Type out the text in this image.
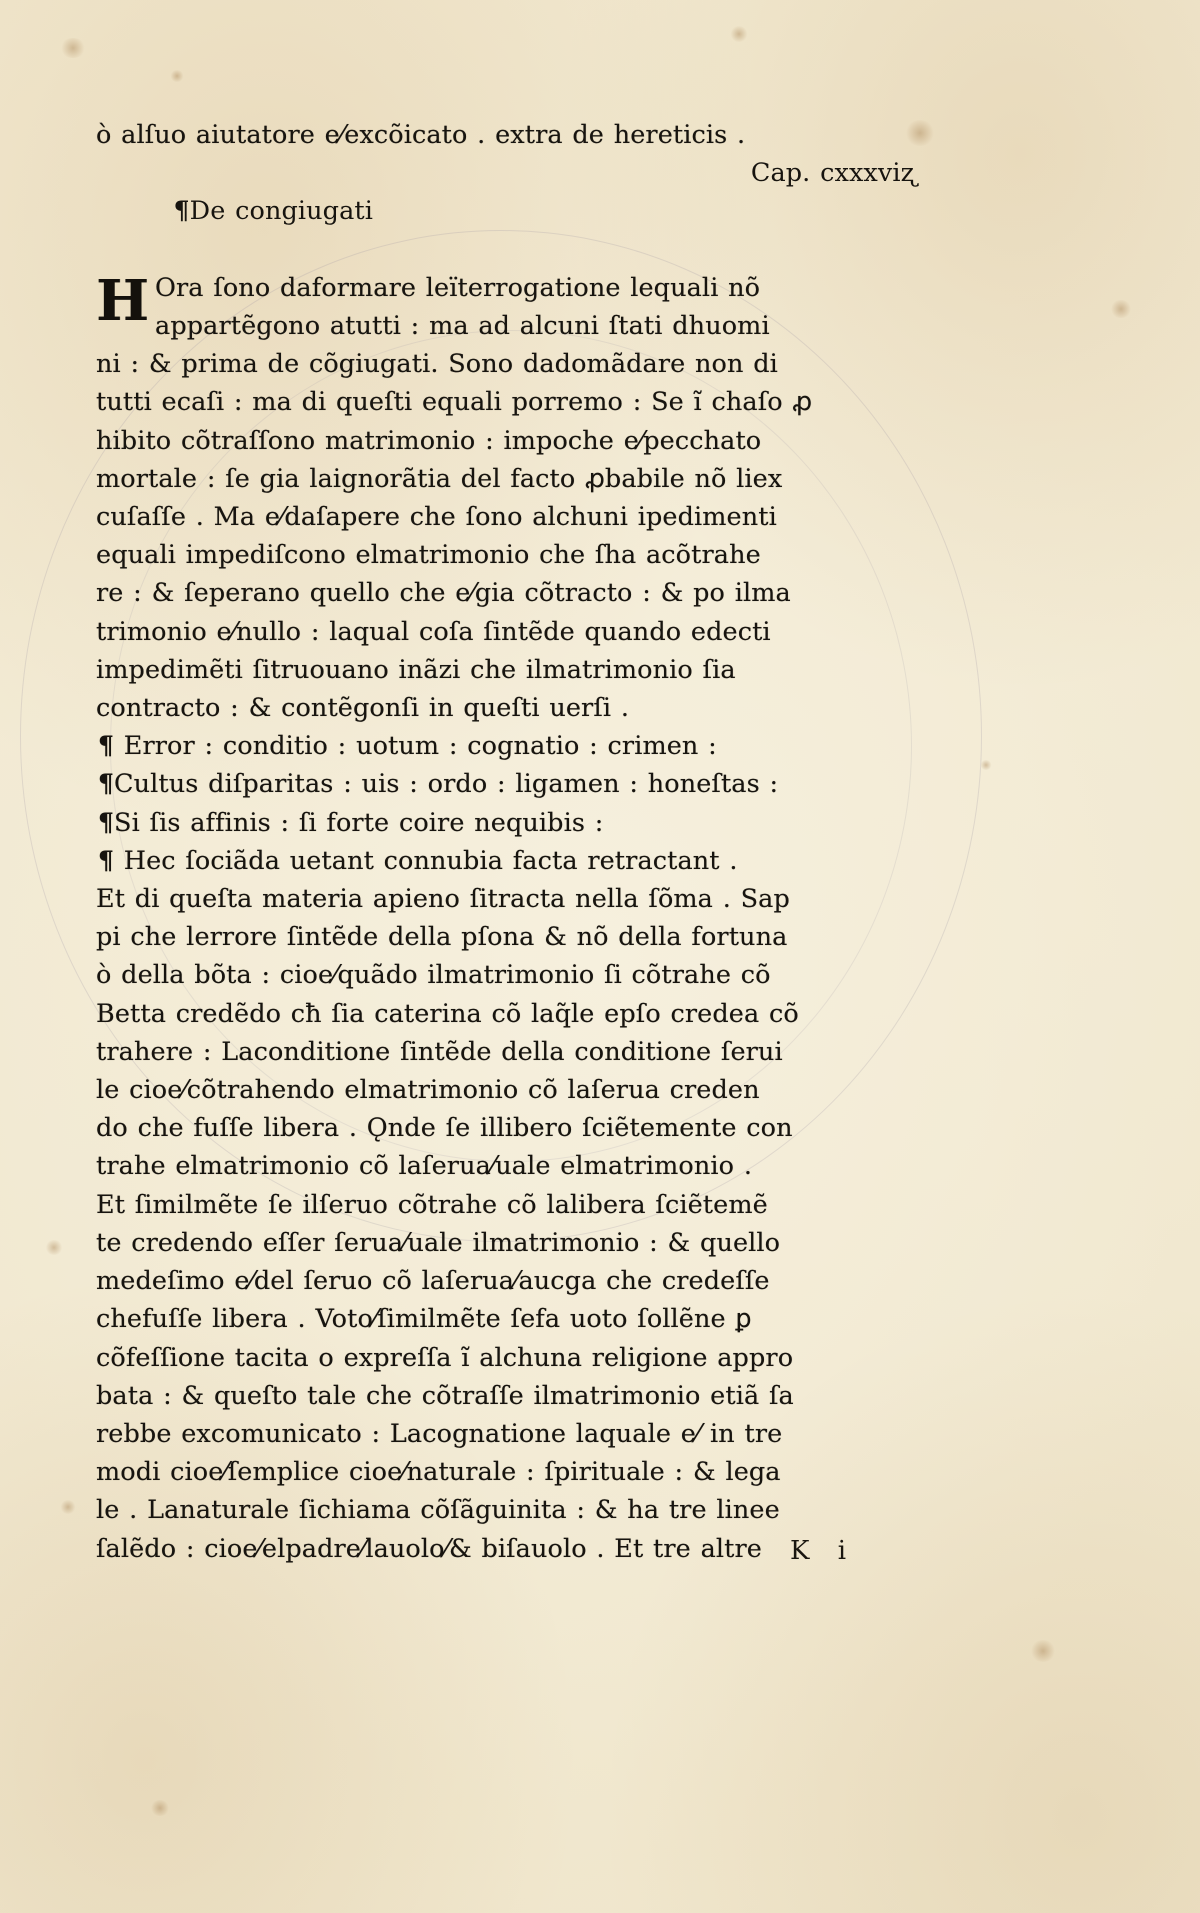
ò alſuo aiutatore e⁄excõicato . extra de hereticis .

¶De congiugati

Cap. cxxxviʐ
H Ora ſono daformare leïterrogatione lequali nõ
appartẽgono atutti : ma ad alcuni ſtati dhuomi
ni : & prima de cõgiugati. Sono dadomãdare non di
tutti ecaſi : ma di queſti equali porremo : Se ĩ chaſo ꝓ
hibito cõtraſſono matrimonio : impoche e⁄pecchato
mortale : ſe gia laignorãtia del facto ꝓbabile nõ liex
cuſaſſe . Ma e⁄daſapere che ſono alchuni ipedimenti
equali impediſcono elmatrimonio che ſha acõtrahe
re : & ſeperano quello che e⁄gia cõtracto : & po ilma
trimonio e⁄nullo : laqual coſa ſintẽde quando edecti
impedimẽti ſitruouano inãzi che ilmatrimonio ſia
contracto : & contẽgonſi in queſti uerſi .
¶ Error : conditio : uotum : cognatio : crimen :
¶Cultus diſparitas : uis : ordo : ligamen : honeſtas :
¶Si ſis affinis : ſi forte coire nequibis :
¶ Hec ſociãda uetant connubia facta retractant .
Et di queſta materia apieno ſitracta nella ſõma . Sap
pi che lerrore ſintẽde della pſona & nõ della fortuna
ò della bõta : cioe⁄quãdo ilmatrimonio ſi cõtrahe cõ
Betta credẽdo cħ ſia caterina cõ laq̃le epſo credea cõ
trahere : Laconditione ſintẽde della conditione ſerui
le cioe⁄cõtrahendo elmatrimonio cõ laſerua creden
do che fuſſe libera . Ǫnde ſe illibero ſciẽtemente con
trahe elmatrimonio cõ laſerua⁄uale elmatrimonio .
Et ſimilmẽte ſe ilſeruo cõtrahe cõ lalibera ſciẽtemẽ
te credendo eſſer ſerua⁄uale ilmatrimonio : & quello
medeſimo e⁄del ſeruo cõ laſerua⁄aucga che credeſſe
chefuſſe libera . Voto⁄ſimilmẽte ſefa uoto ſollẽne ꝑ
cõfeſſione tacita o expreſſa ĩ alchuna religione appro
bata : & queſto tale che cõtraſſe ilmatrimonio etiã ſa
rebbe excomunicato : Lacognatione laquale e⁄ in tre
modi cioe⁄ſemplice cioe⁄naturale : ſpirituale : & lega
le . Lanaturale ſichiama cõſãguinita : & ha tre linee
ſalẽdo : cioe⁄elpadre⁄lauolo⁄& biſauolo . Et tre altre	K i
